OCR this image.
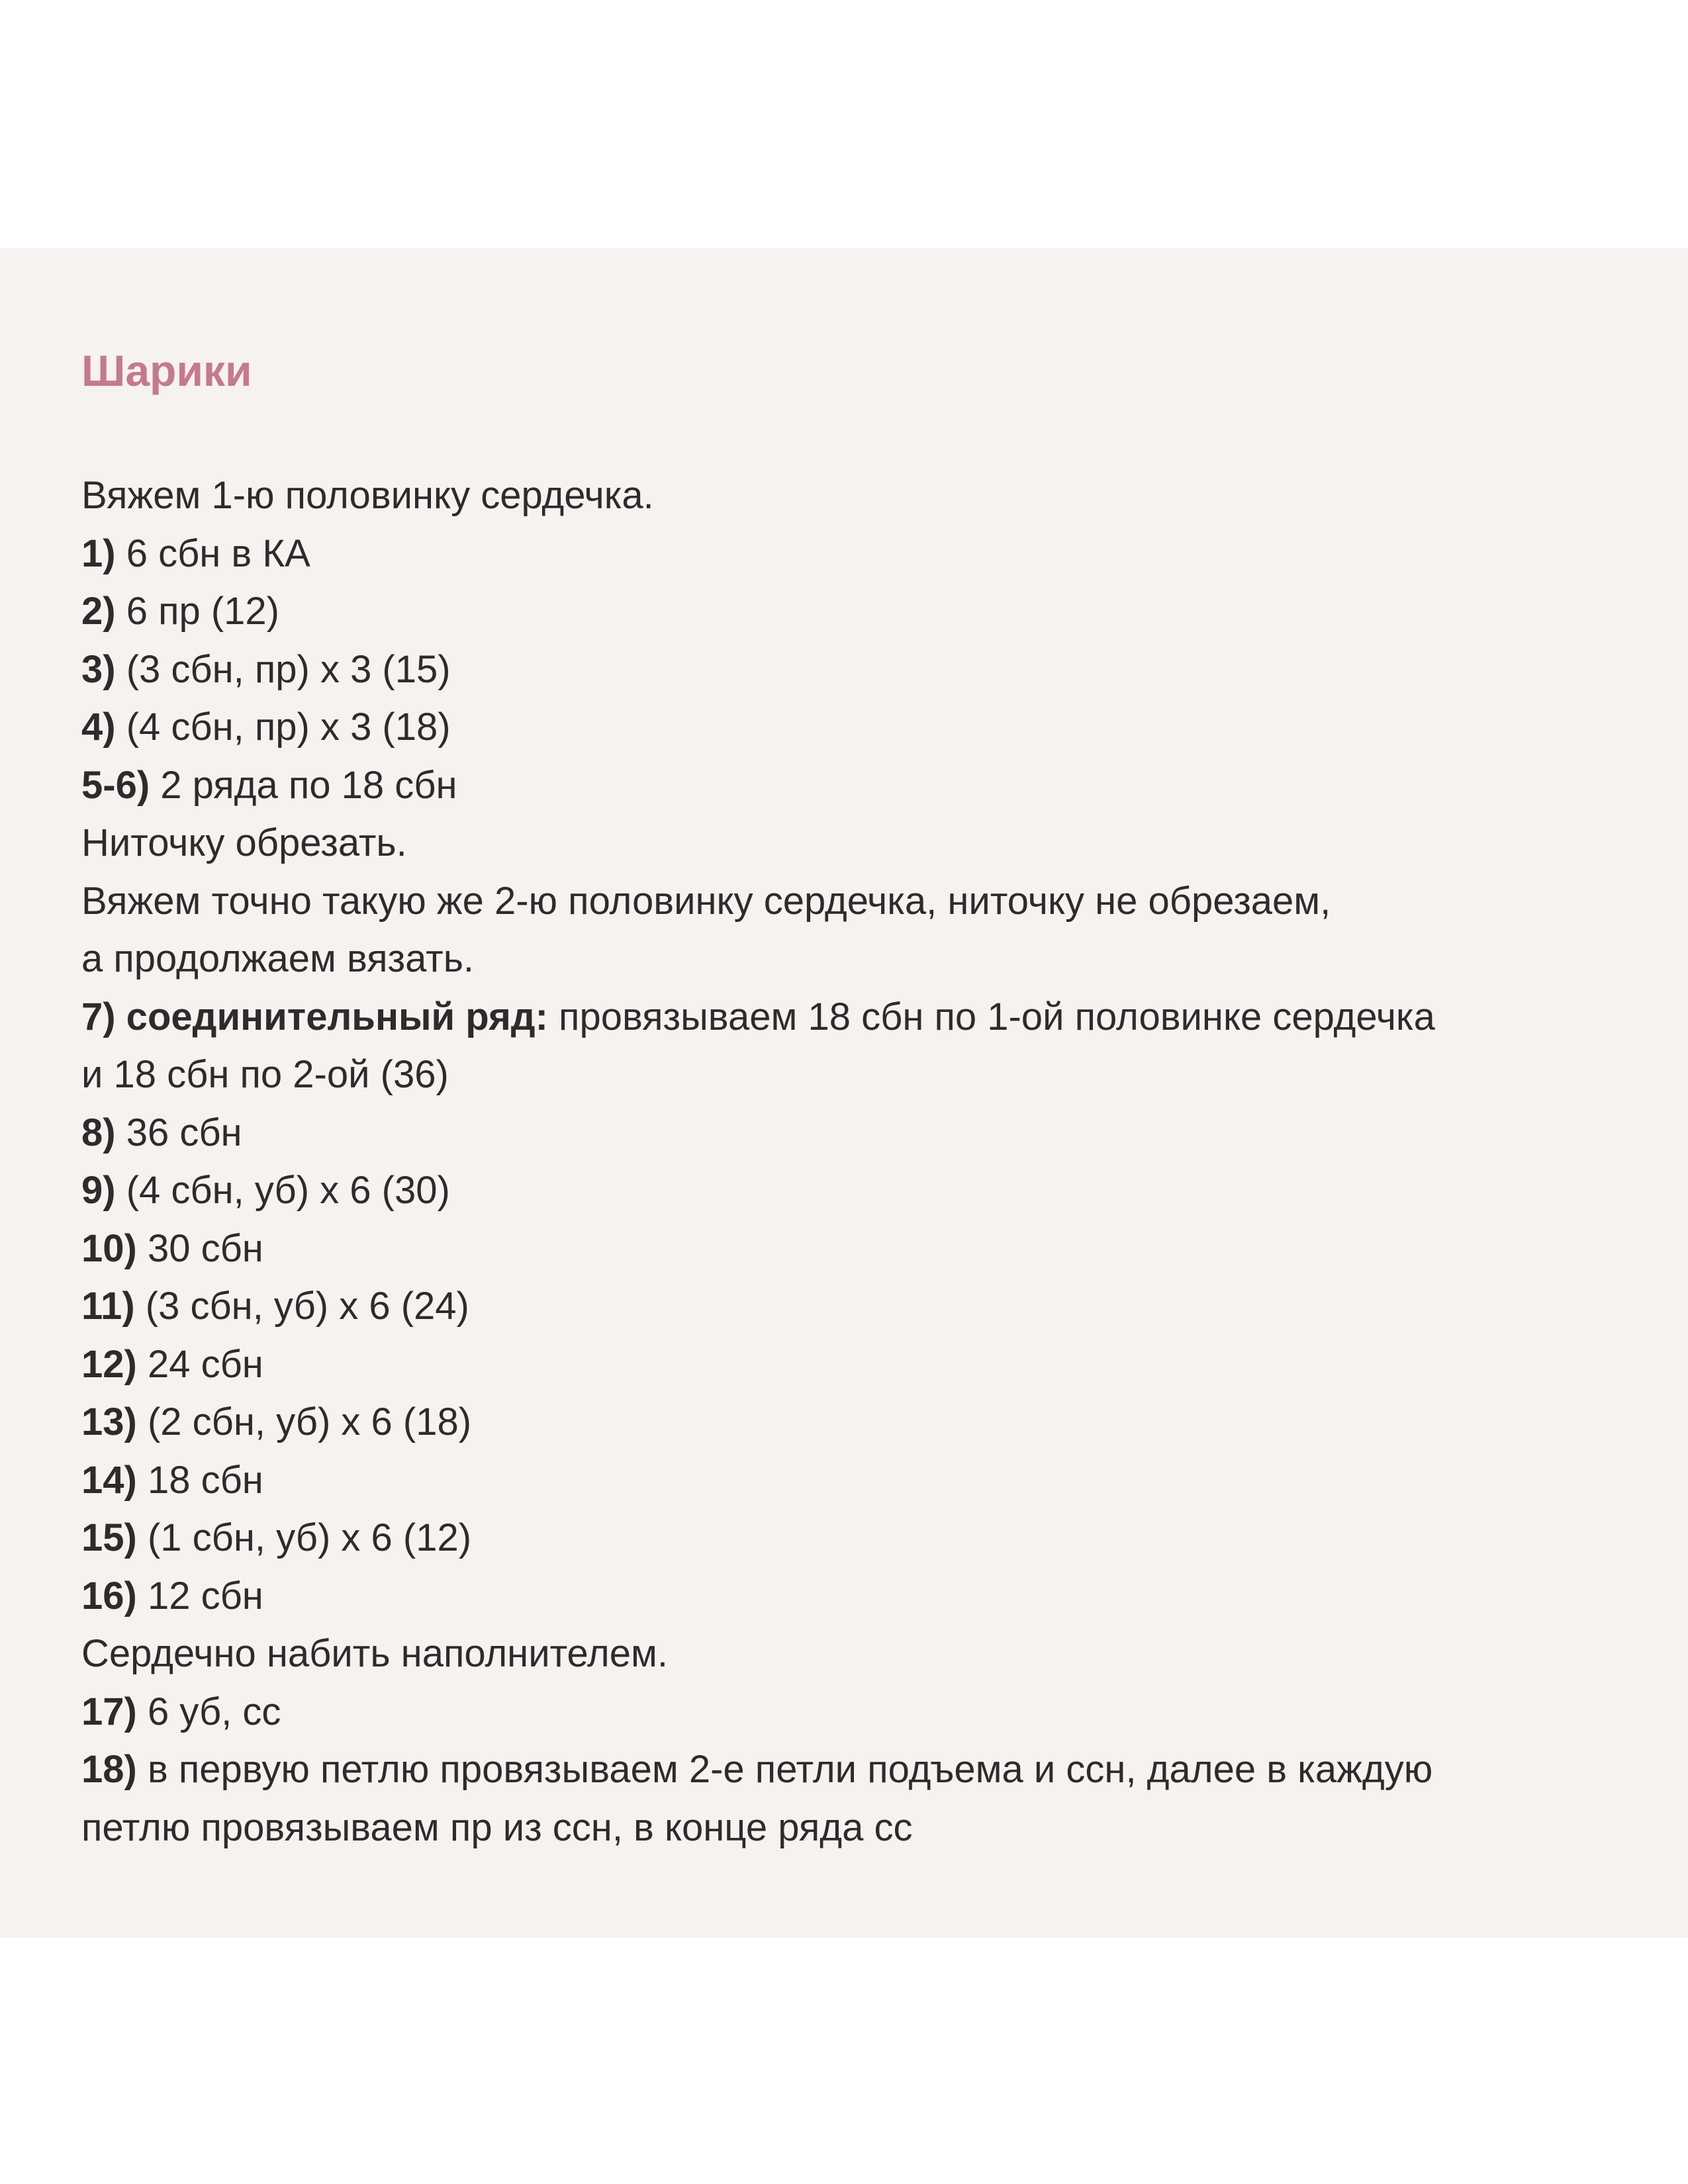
Шарики
Вяжем 1-ю половинку сердечка.
1) 6 сбн в КА
2) 6 пр (12)
3) (3 сбн, пр) х 3 (15)
4) (4 сбн, пр) х 3 (18)
5-6) 2 ряда по 18 сбн
Ниточку обрезать.
Вяжем точно такую же 2-ю половинку сердечка, ниточку не обрезаем,
а продолжаем вязать.
7) соединительный ряд: провязываем 18 сбн по 1-ой половинке сердечка
и 18 сбн по 2-ой (36)
8) 36 сбн
9) (4 сбн, уб) х 6 (30)
10) 30 сбн
11) (3 сбн, уб) х 6 (24)
12) 24 сбн
13) (2 сбн, уб) х 6 (18)
14) 18 сбн
15) (1 сбн, уб) х 6 (12)
16) 12 сбн
Сердечно набить наполнителем.
17) 6 уб, сс
18) в первую петлю провязываем 2-е петли подъема и ссн, далее в каждую
петлю провязываем пр из ссн, в конце ряда сс
